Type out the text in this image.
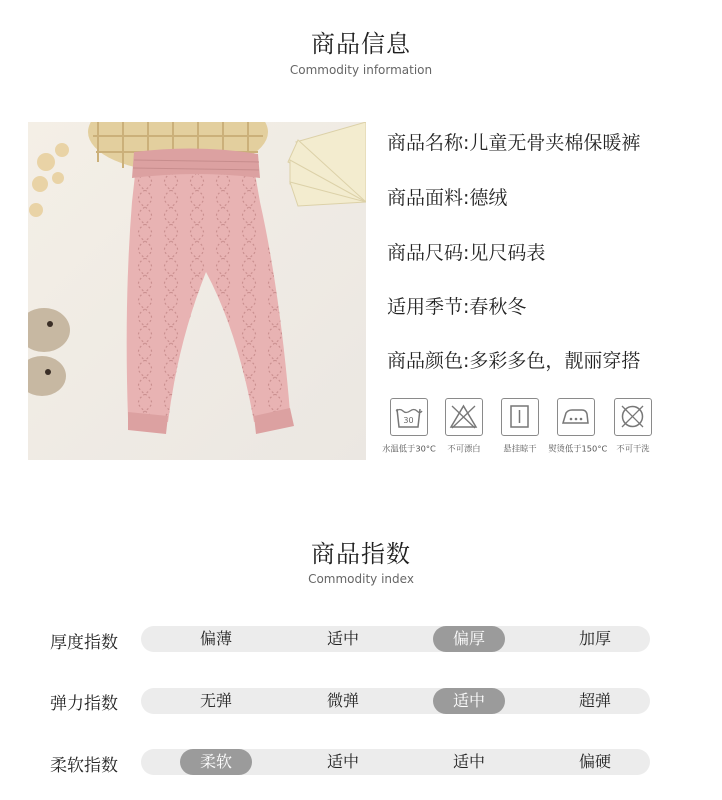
商品信息
Commodity information
商品名称:儿童无骨夹棉保暖裤
商品面料:德绒
商品尺码:见尺码表
适用季节:春秋冬
商品颜色:多彩多色，靓丽穿搭
30
水温低于30°C	不可漂白	悬挂晾干	熨烫低于150°C	不可干洗
商品指数
Commodity index
厚度指数	偏薄	适中	偏厚	加厚
弹力指数	无弹	微弹	适中	超弹
柔软指数	柔软	适中	适中	偏硬
